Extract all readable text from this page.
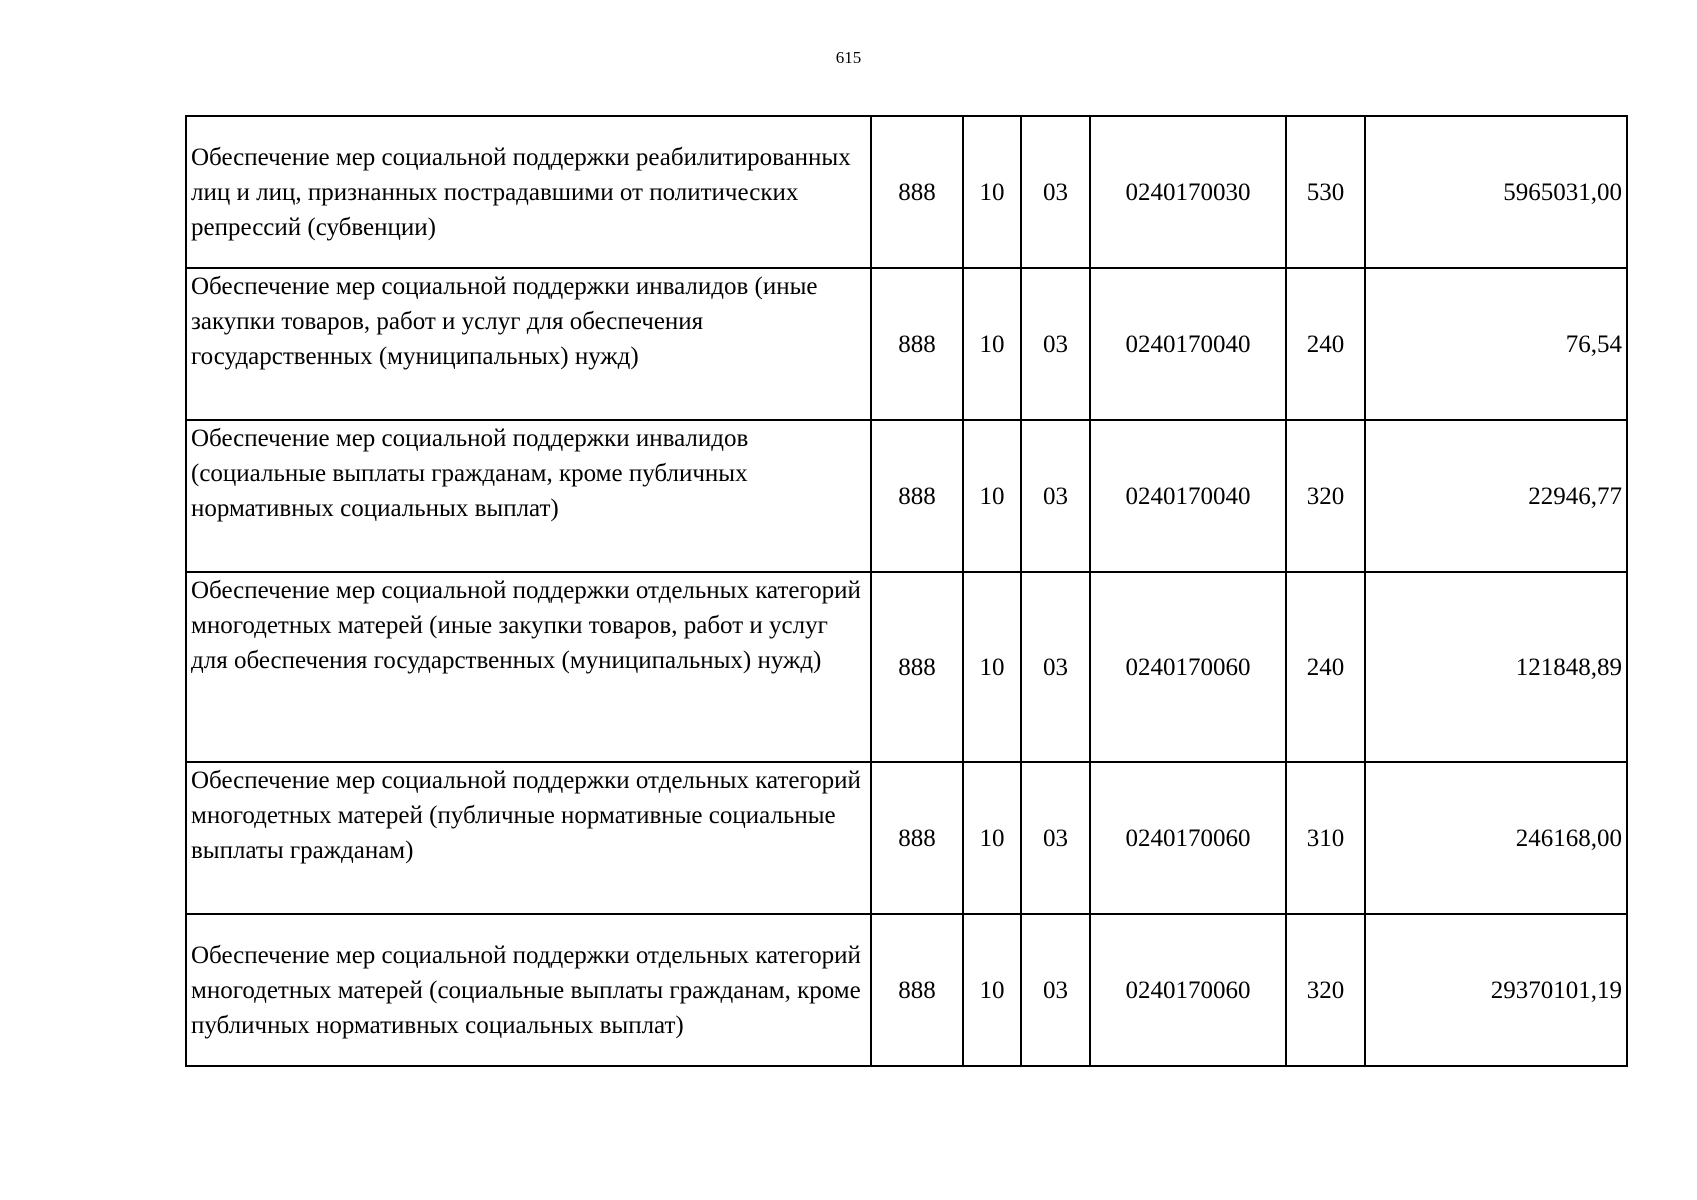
615
Обеспечение мер социальной поддержки реабилитированных лиц и лиц, признанных пострадавшими от политических репрессий (субвенции)	888	10	03	0240170030	530	5965031,00
Обеспечение мер социальной поддержки инвалидов (иные закупки товаров, работ и услуг для обеспечения государственных (муниципальных) нужд)	888	10	03	0240170040	240	76,54
Обеспечение мер социальной поддержки инвалидов (социальные выплаты гражданам, кроме публичных нормативных социальных выплат)	888	10	03	0240170040	320	22946,77
Обеспечение мер социальной поддержки отдельных категорий многодетных матерей (иные закупки товаров, работ и услуг для обеспечения государственных (муниципальных) нужд)	888	10	03	0240170060	240	121848,89
Обеспечение мер социальной поддержки отдельных категорий многодетных матерей (публичные нормативные социальные выплаты гражданам)	888	10	03	0240170060	310	246168,00
Обеспечение мер социальной поддержки отдельных категорий многодетных матерей (социальные выплаты гражданам, кроме публичных нормативных социальных выплат)	888	10	03	0240170060	320	29370101,19
